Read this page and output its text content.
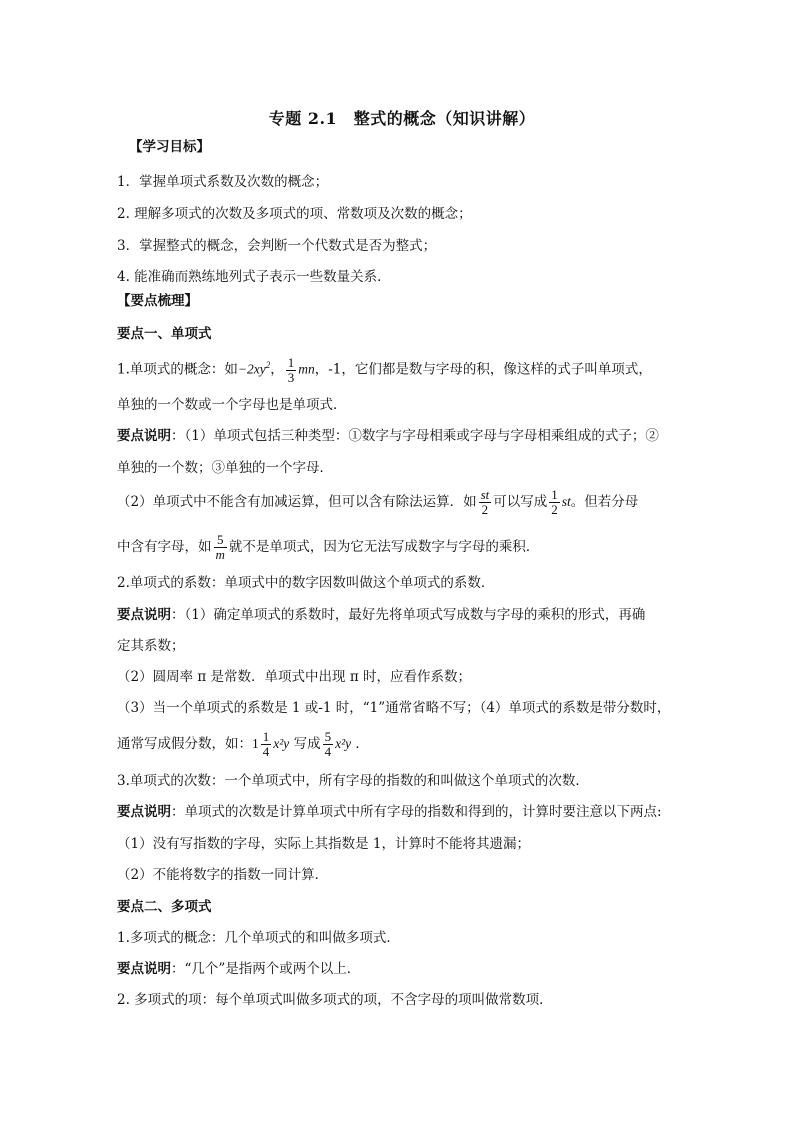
专题 2.1　整式的概念（知识讲解）
【学习目标】
1．掌握单项式系数及次数的概念；
2. 理解多项式的次数及多项式的项、常数项及次数的概念；
3．掌握整式的概念，会判断一个代数式是否为整式；
4. 能准确而熟练地列式子表示一些数量关系．
【要点梳理】
要点一、单项式
1.单项式的概念：如$-2xy^2$， $\frac{1}{3}$ mn，-1，它们都是数与字母的积，像这样的式子叫单项式，
单独的一个数或一个字母也是单项式．
要点说明：（1）单项式包括三种类型：①数字与字母相乘或字母与字母相乘组成的式子；②
单独的一个数；③单独的一个字母．
（2）单项式中不能含有加减运算，但可以含有除法运算．如 $\frac{st}{2}$ 可以写成 $\frac{1}{2}$ st。但若分母
中含有字母，如 $\frac{5}{m}$ 就不是单项式，因为它无法写成数字与字母的乘积．
2.单项式的系数：单项式中的数字因数叫做这个单项式的系数．
要点说明：（1）确定单项式的系数时，最好先将单项式写成数与字母的乘积的形式，再确
定其系数；
（2）圆周率 π 是常数．单项式中出现 π 时，应看作系数；
（3）当一个单项式的系数是 1 或-1 时，“1”通常省略不写；（4）单项式的系数是带分数时，
通常写成假分数，如：$1 \frac{1}{4} x^2y$ 写成 $\frac{5}{4} x^2y$ ．
3.单项式的次数：一个单项式中，所有字母的指数的和叫做这个单项式的次数．
要点说明：单项式的次数是计算单项式中所有字母的指数和得到的，计算时要注意以下两点:
（1）没有写指数的字母，实际上其指数是 1，计算时不能将其遗漏；
（2）不能将数字的指数一同计算．
要点二、多项式
1.多项式的概念：几个单项式的和叫做多项式．
要点说明：“几个”是指两个或两个以上．
2. 多项式的项：每个单项式叫做多项式的项，不含字母的项叫做常数项．
